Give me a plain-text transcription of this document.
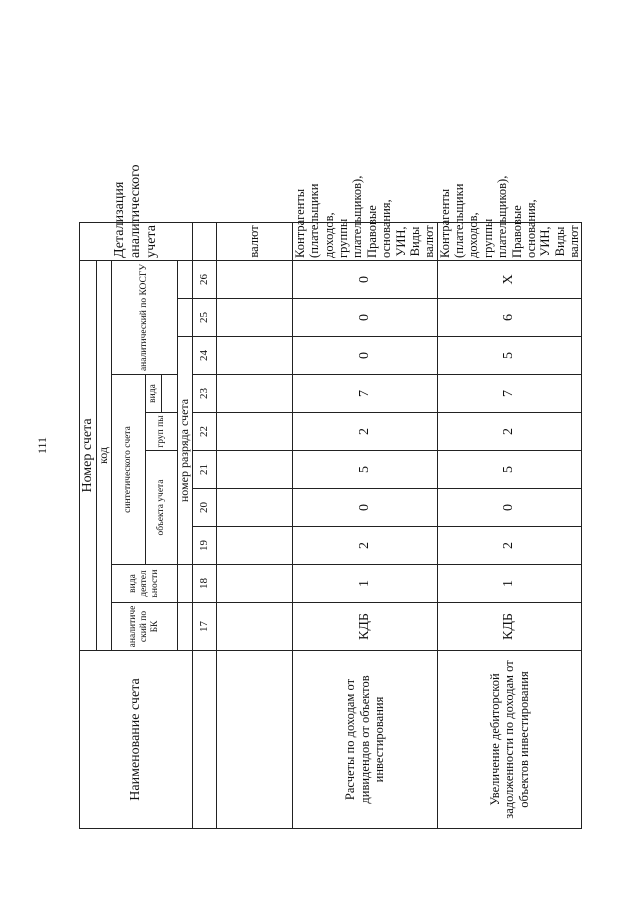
111
Наименование счета	Номер счета										Детализация аналитического учета
	код										
	аналитиче ский по БК	вида деятел ьности	синтетического счета					аналитический по КОСГУ			
			объекта учета			груп пы	вида				

			номер разряда счета								
	17	18	19	20	21	22	23	24	25	26	
											валют
Расчеты по доходам от дивидендов от объектов инвестирования	КДБ	1	2	0	5	2	7	0	0	0	Контрагенты (плательщики доходов, группы плательщиков), Правовые основания, УИН, Виды валют
Увеличение дебиторской задолженности по доходам от объектов инвестирования	КДБ	1	2	0	5	2	7	5	6	Х	Контрагенты (плательщики доходов, группы плательщиков), Правовые основания, УИН, Виды валют
